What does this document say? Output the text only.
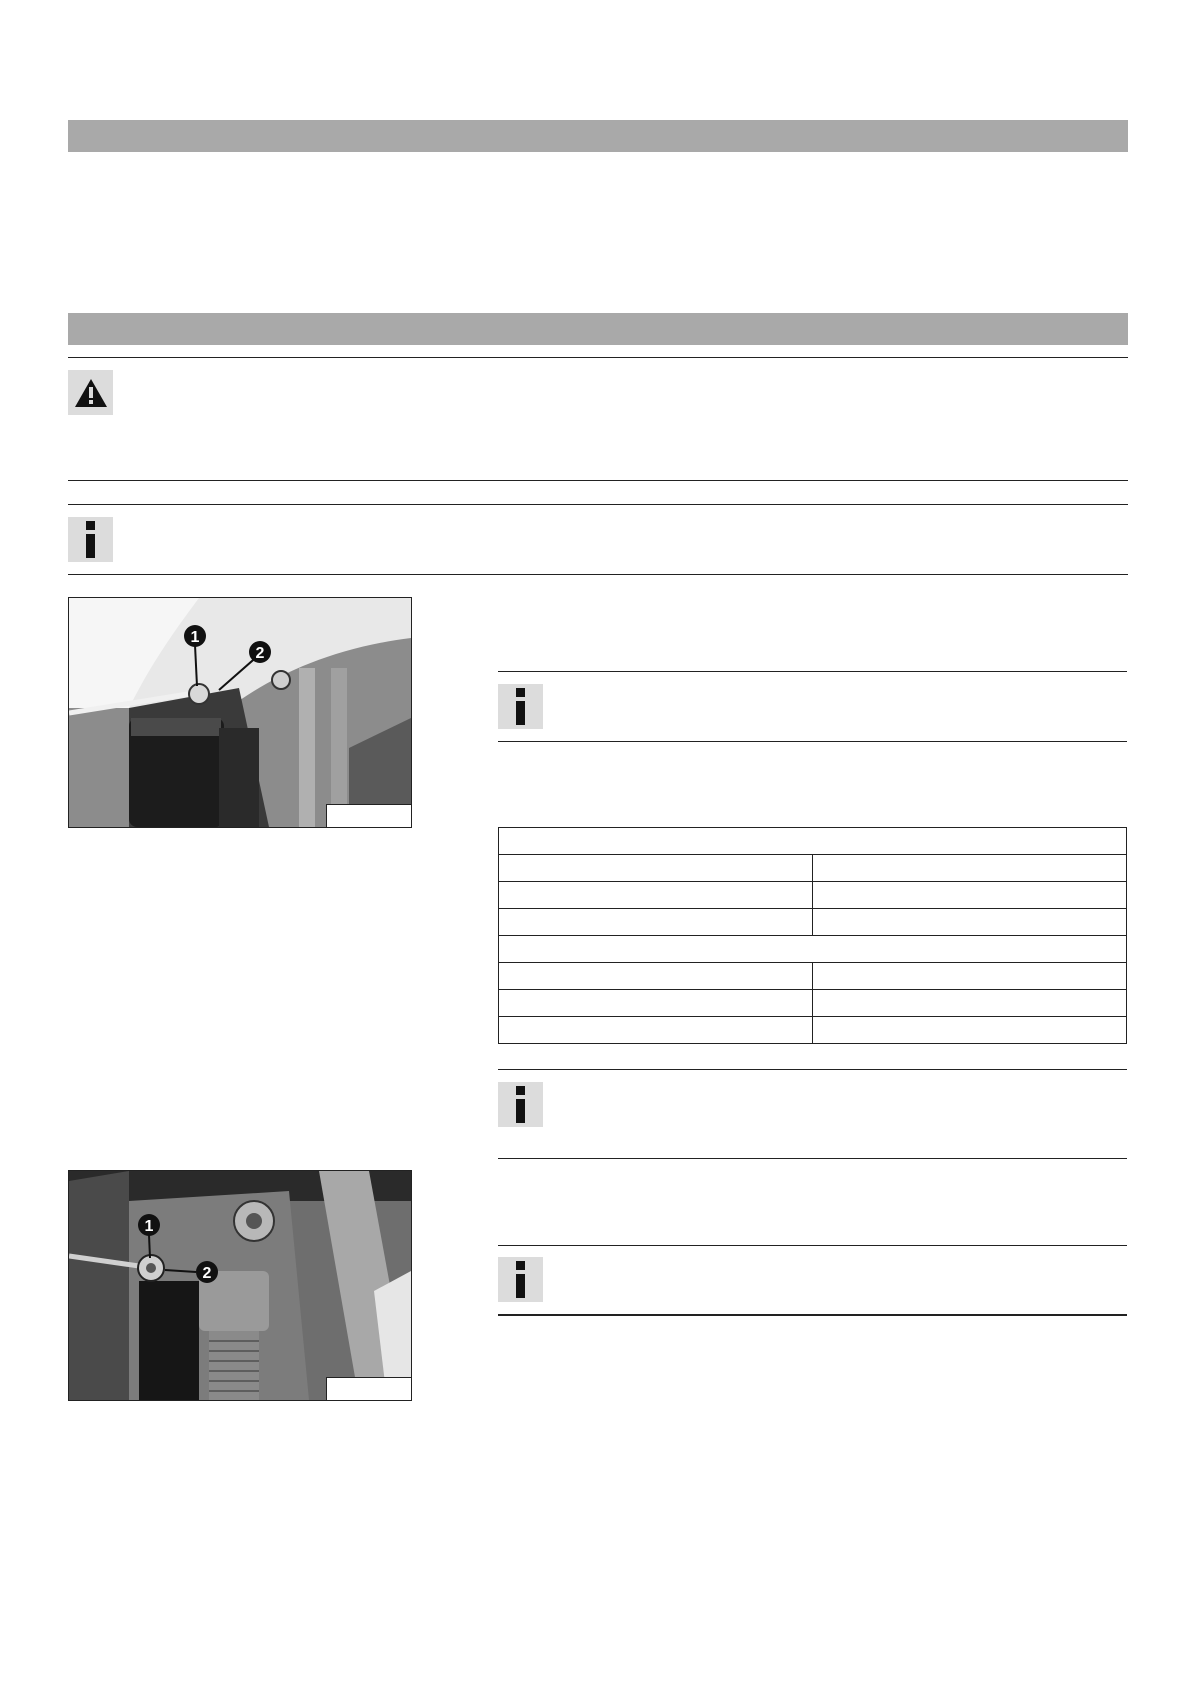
1
2

1
2
